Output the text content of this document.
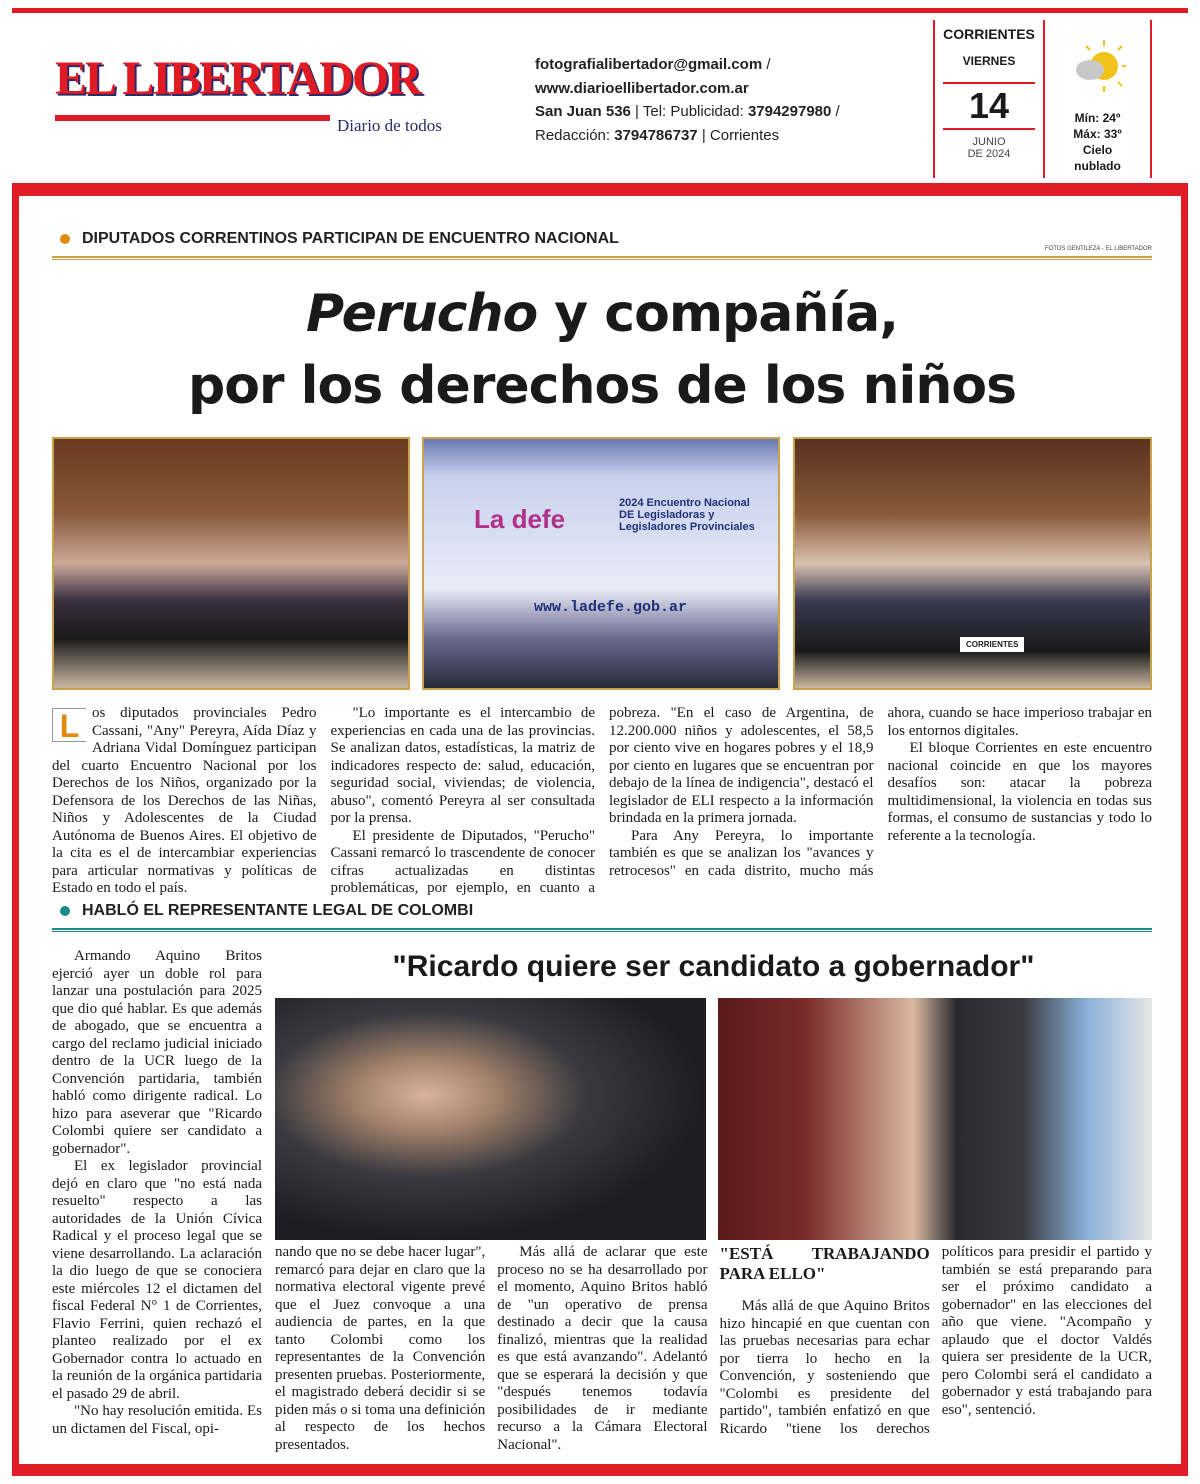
EL LIBERTADOR
Diario de todos
fotografialibertador@gmail.com /
www.diarioellibertador.com.ar
San Juan 536 | Tel: Publicidad: 3794297980 /
Redacción: 3794786737 | Corrientes
CORRIENTES
VIERNES
14
JUNIO
DE 2024
Mín: 24º
Máx: 33º
Cielo
nublado
DIPUTADOS CORRENTINOS PARTICIPAN DE ENCUENTRO NACIONAL
FOTOS GENTILEZA - EL LIBERTADOR
Perucho y compañía,
por los derechos de los niños
La defe
2024 Encuentro Nacional DE Legisladoras y Legisladores Provinciales
www.ladefe.gob.ar
CORRIENTES
L os diputados provinciales Pedro Cassani, "Any" Pereyra, Aída Díaz y Adriana Vidal Domínguez participan del cuarto Encuentro Nacional por los Derechos de los Niños, organizado por la Defensora de los Derechos de las Niñas, Niños y Adolescentes de la Ciudad Autónoma de Buenos Aires. El objetivo de la cita es el de intercambiar experiencias para articular normativas y políticas de Estado en todo el país.

"Lo importante es el intercambio de experiencias en cada una de las provincias. Se analizan datos, estadísticas, la matriz de indicadores respecto de: salud, educación, seguridad social, viviendas; de violencia, abuso", comentó Pereyra al ser consultada por la prensa.

El presidente de Diputados, "Perucho" Cassani remarcó lo trascendente de conocer cifras actualizadas en distintas problemáticas, por ejemplo, en cuanto a pobreza. "En el caso de Argentina, de 12.200.000 niños y adolescentes, el 58,5 por ciento vive en hogares pobres y el 18,9 por ciento en lugares que se encuentran por debajo de la línea de indigencia", destacó el legislador de ELI respecto a la información brindada en la primera jornada.

Para Any Pereyra, lo importante también es que se analizan los "avances y retrocesos" en cada distrito, mucho más ahora, cuando se hace imperioso trabajar en los entornos digitales.

El bloque Corrientes en este encuentro nacional coincide en que los mayores desafíos son: atacar la pobreza multidimensional, la violencia en todas sus formas, el consumo de sustancias y todo lo referente a la tecnología.

HABLÓ EL REPRESENTANTE LEGAL DE COLOMBI

Armando Aquino Britos ejerció ayer un doble rol para lanzar una postulación para 2025 que dio qué hablar. Es que además de abogado, que se encuentra a cargo del reclamo judicial iniciado dentro de la UCR luego de la Convención partidaria, también habló como dirigente radical. Lo hizo para aseverar que "Ricardo Colombi quiere ser candidato a gobernador".

El ex legislador provincial dejó en claro que "no está nada resuelto" respecto a las autoridades de la Unión Cívica Radical y el proceso legal que se viene desarrollando. La aclaración la dio luego de que se conociera este miércoles 12 el dictamen del fiscal Federal N° 1 de Corrientes, Flavio Ferrini, quien rechazó el planteo realizado por el ex Gobernador contra lo actuado en la reunión de la orgánica partidaria el pasado 29 de abril.

"No hay resolución emitida. Es un dictamen del Fiscal, opi-

"Ricardo quiere ser candidato a gobernador"

nando que no se debe hacer lugar", remarcó para dejar en claro que la normativa electoral vigente prevé que el Juez convoque a una audiencia de partes, en la que tanto Colombi como los representantes de la Convención presenten pruebas. Posteriormente, el magistrado deberá decidir si se piden más o si toma una definición al respecto de los hechos presentados.

Más allá de aclarar que este proceso no se ha desarrollado por el momento, Aquino Britos habló de "un operativo de prensa destinado a decir que la causa finalizó, mientras que la realidad es que está avanzando". Adelantó que se esperará la decisión y que "después tenemos todavía posibilidades de ir mediante recurso a la Cámara Electoral Nacional".

"ESTÁ TRABAJANDO PARA ELLO"

Más allá de que Aquino Britos hizo hincapié en que cuentan con las pruebas necesarias para echar por tierra lo hecho en la Convención, y sosteniendo que "Colombi es presidente del partido", también enfatizó en que Ricardo "tiene los derechos políticos para presidir el partido y también se está preparando para ser el próximo candidato a gobernador" en las elecciones del año que viene. "Acompaño y aplaudo que el doctor Valdés quiera ser presidente de la UCR, pero Colombi será el candidato a gobernador y está trabajando para eso", sentenció.
